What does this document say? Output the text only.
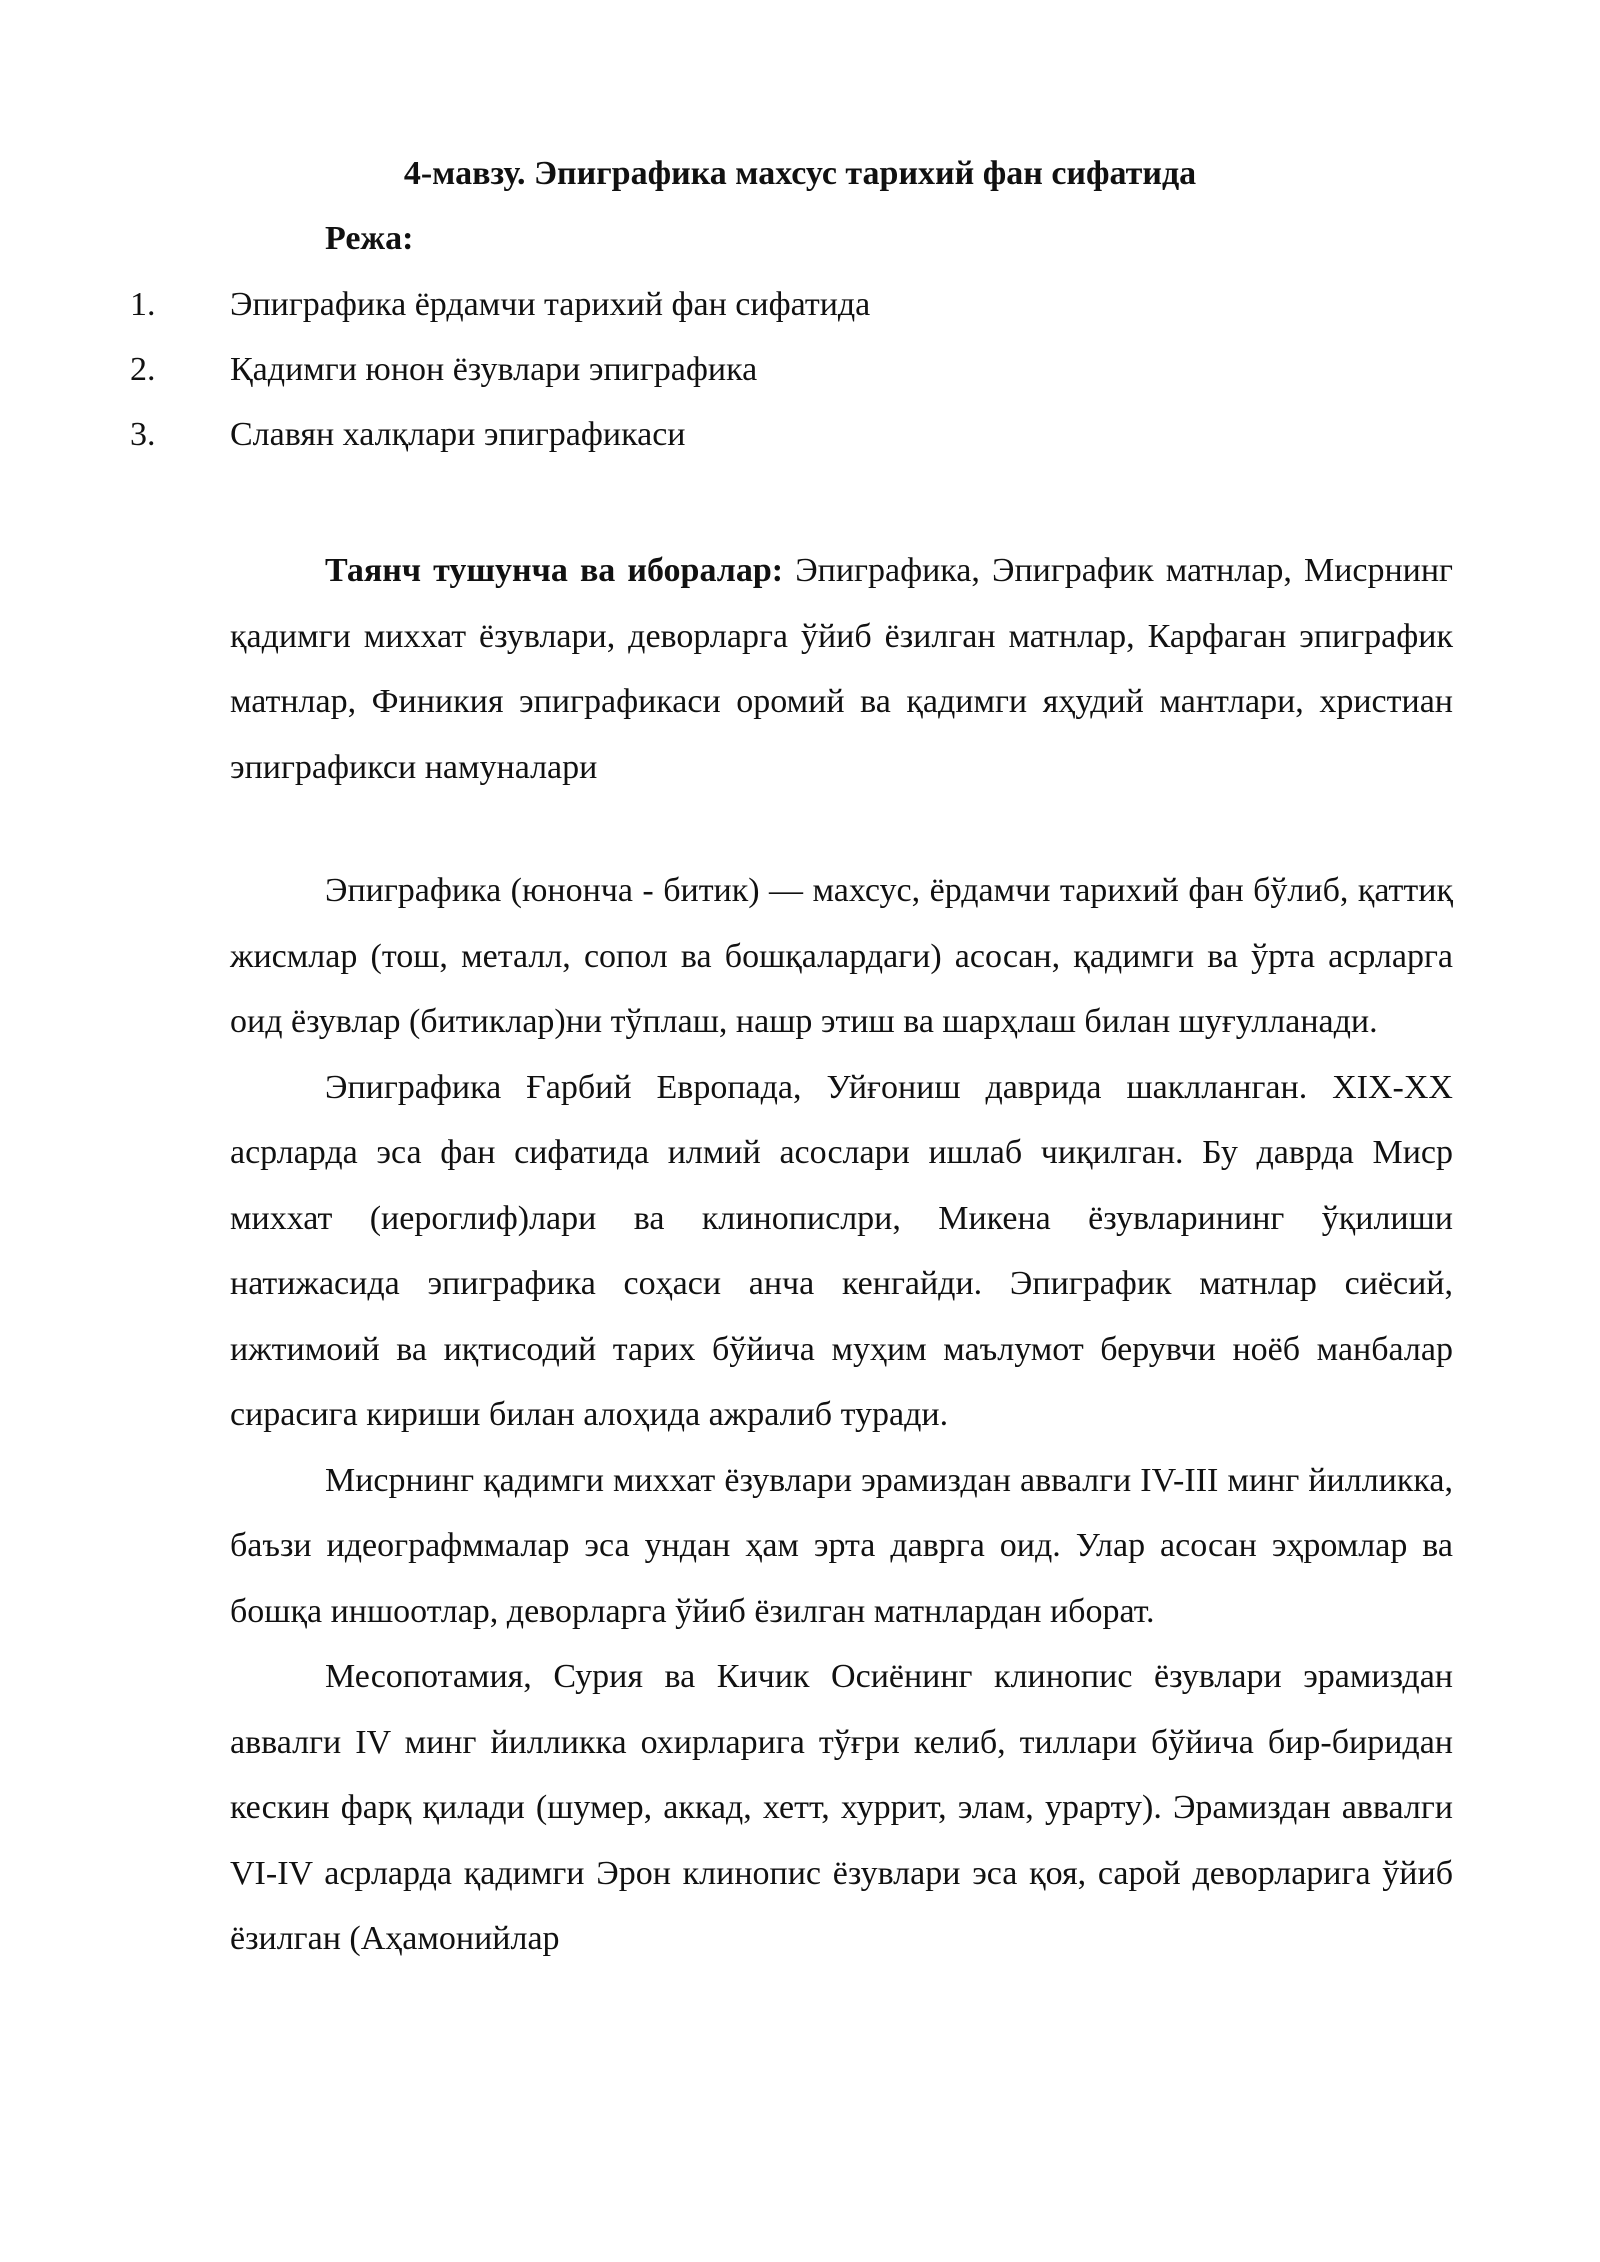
4-мавзу. Эпиграфика махсус тарихий фан сифатида
Режа:
1.	Эпиграфика ёрдамчи тарихий фан сифатида
2.	Қадимги юнон ёзувлари эпиграфика
3.	Славян халқлари эпиграфикаси

Таянч тушунча ва иборалар: Эпиграфика, Эпиграфик матнлар, Мисрнинг қадимги миххат ёзувлари, деворларга ўйиб ёзилган матнлар, Карфаган эпиграфик матнлар, Финикия эпиграфикаси оромий ва қадимги яҳудий мантлари, христиан эпиграфикси намуналари

Эпиграфика (юнонча - битик) — махсус, ёрдамчи тарихий фан бўлиб, қаттиқ жисмлар (тош, металл, сопол ва бошқалардаги) асосан, қадимги ва ўрта асрларга оид ёзувлар (битиклар)ни тўплаш, нашр этиш ва шарҳлаш билан шуғулланади.

Эпиграфика Ғарбий Европада, Уйғониш даврида шаклланган. XIX-XX асрларда эса фан сифатида илмий асослари ишлаб чиқилган. Бу даврда Миср миххат (иероглиф)лари ва клинопислри, Микена ёзувларининг ўқилиши натижасида эпиграфика соҳаси анча кенгайди. Эпиграфик матнлар сиёсий, ижтимоий ва иқтисодий тарих бўйича муҳим маълумот берувчи ноёб манбалар сирасига кириши билан алоҳида ажралиб туради.

Мисрнинг қадимги миххат ёзувлари эрамиздан аввалги IV-III минг йилликка, баъзи идеографммалар эса ундан ҳам эрта даврга оид. Улар асосан эҳромлар ва бошқа иншоотлар, деворларга ўйиб ёзилган матнлардан иборат.

Месопотамия, Сурия ва Кичик Осиёнинг клинопис ёзувлари эрамиздан аввалги IV минг йилликка охирларига тўғри келиб, тиллари бўйича бир-биридан кескин фарқ қилади (шумер, аккад, хетт, хуррит, элам, урарту). Эрамиздан аввалги VI-IV асрларда қадимги Эрон клинопис ёзувлари эса қоя, сарой деворларига ўйиб ёзилган (Аҳамонийлар
